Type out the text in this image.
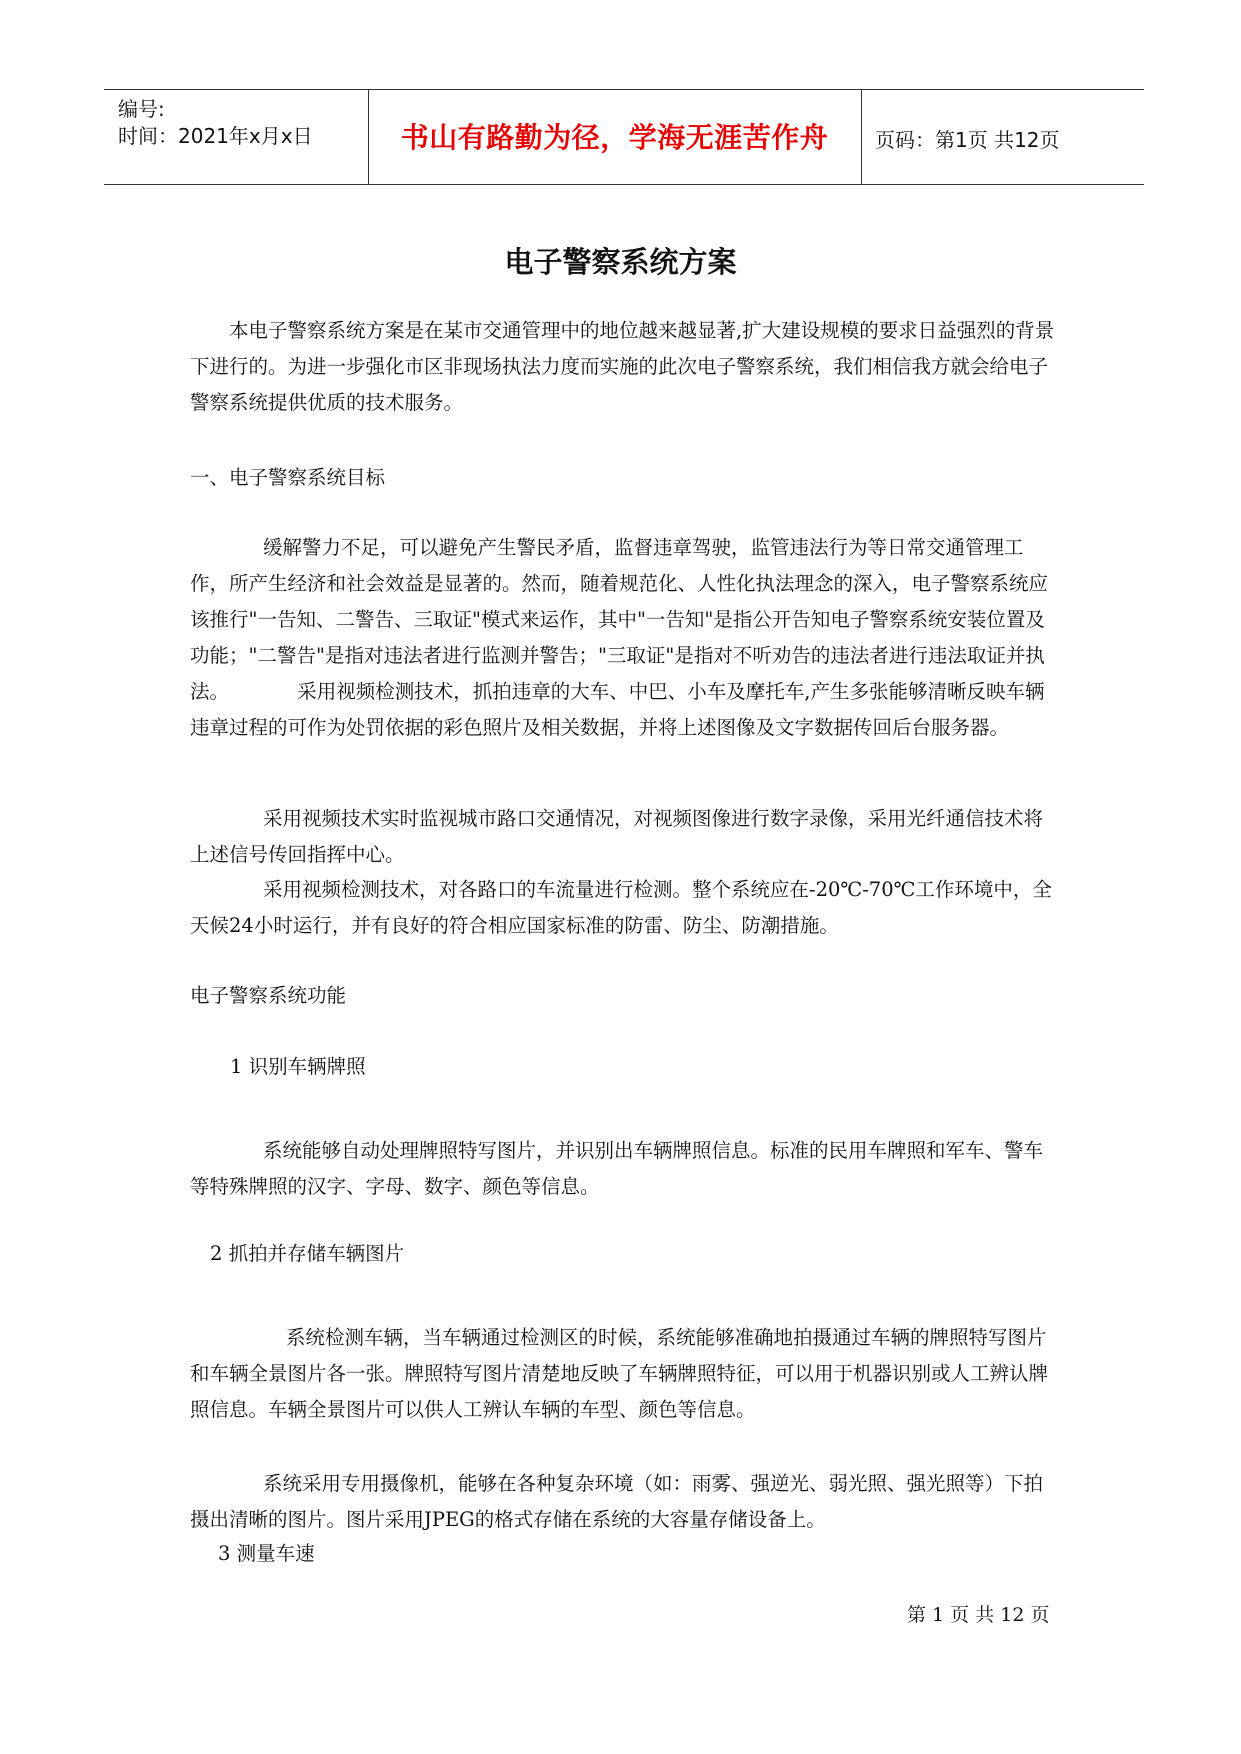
编号:
时间：2021年x月x日	书山有路勤为径，学海无涯苦作舟	页码：第1页 共12页
电子警察系统方案

本电子警察系统方案是在某市交通管理中的地位越来越显著,扩大建设规模的要求日益强烈的背景下进行的。为进一步强化市区非现场执法力度而实施的此次电子警察系统，我们相信我方就会给电子警察系统提供优质的技术服务。

一、电子警察系统目标

缓解警力不足，可以避免产生警民矛盾，监督违章驾驶，监管违法行为等日常交通管理工作，所产生经济和社会效益是显著的。然而，随着规范化、人性化执法理念的深入，电子警察系统应该推行"一告知、二警告、三取证"模式来运作，其中"一告知"是指公开告知电子警察系统安装位置及功能；"二警告"是指对违法者进行监测并警告；"三取证"是指对不听劝告的违法者进行违法取证并执法。　　　　采用视频检测技术，抓拍违章的大车、中巴、小车及摩托车,产生多张能够清晰反映车辆违章过程的可作为处罚依据的彩色照片及相关数据，并将上述图像及文字数据传回后台服务器。

采用视频技术实时监视城市路口交通情况，对视频图像进行数字录像，采用光纤通信技术将上述信号传回指挥中心。

采用视频检测技术，对各路口的车流量进行检测。整个系统应在-20℃-70℃工作环境中，全天候24小时运行，并有良好的符合相应国家标准的防雷、防尘、防潮措施。

电子警察系统功能

1 识别车辆牌照

系统能够自动处理牌照特写图片，并识别出车辆牌照信息。标准的民用车牌照和军车、警车等特殊牌照的汉字、字母、数字、颜色等信息。

2 抓拍并存储车辆图片

系统检测车辆，当车辆通过检测区的时候，系统能够准确地拍摄通过车辆的牌照特写图片和车辆全景图片各一张。牌照特写图片清楚地反映了车辆牌照特征，可以用于机器识别或人工辨认牌照信息。车辆全景图片可以供人工辨认车辆的车型、颜色等信息。

系统采用专用摄像机，能够在各种复杂环境（如：雨雾、强逆光、弱光照、强光照等）下拍摄出清晰的图片。图片采用JPEG的格式存储在系统的大容量存储设备上。

3 测量车速

第 1 页 共 12 页
